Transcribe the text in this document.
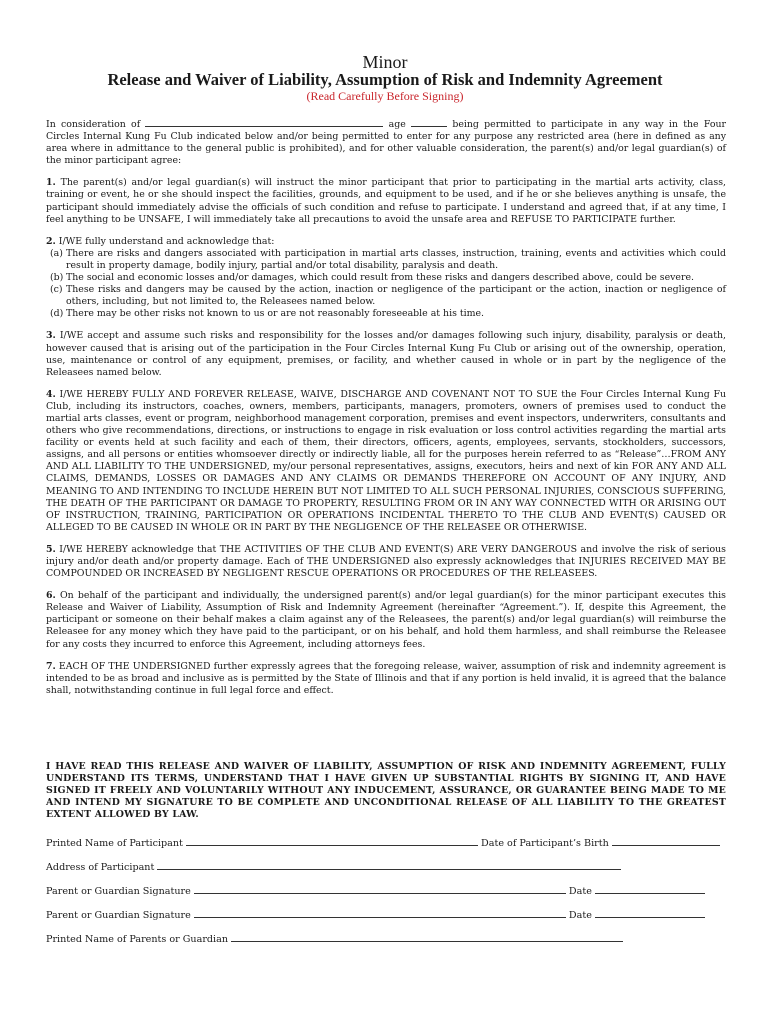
Minor
Release and Waiver of Liability, Assumption of Risk and Indemnity Agreement
(Read Carefully Before Signing)

In consideration of	age	being permitted to participate in any way in the Four Circles Internal Kung Fu Club indicated below and/or being permitted to enter for any purpose any restricted area (here in defined as any area where in admittance to the general public is prohibited), and for other valuable consideration, the parent(s) and/or legal guardian(s) of the minor participant agree:

1. The parent(s) and/or legal guardian(s) will instruct the minor participant that prior to participating in the martial arts activity, class, training or event, he or she should inspect the facilities, grounds, and equipment to be used, and if he or she believes anything is unsafe, the participant should immediately advise the officials of such condition and refuse to participate. I understand and agreed that, if at any time, I feel anything to be UNSAFE, I will immediately take all precautions to avoid the unsafe area and REFUSE TO PARTICIPATE further.

2. I/WE fully understand and acknowledge that:
(a) There are risks and dangers associated with participation in martial arts classes, instruction, training, events and activities which could result in property damage, bodily injury, partial and/or total disability, paralysis and death.
(b) The social and economic losses and/or damages, which could result from these risks and dangers described above, could be severe.
(c) These risks and dangers may be caused by the action, inaction or negligence of the participant or the action, inaction or negligence of others, including, but not limited to, the Releasees named below.
(d) There may be other risks not known to us or are not reasonably foreseeable at his time.

3. I/WE accept and assume such risks and responsibility for the losses and/or damages following such injury, disability, paralysis or death, however caused that is arising out of the participation in the Four Circles Internal Kung Fu Club or arising out of the ownership, operation, use, maintenance or control of any equipment, premises, or facility, and whether caused in whole or in part by the negligence of the Releasees named below.

4. I/WE HEREBY FULLY AND FOREVER RELEASE, WAIVE, DISCHARGE AND COVENANT NOT TO SUE the Four Circles Internal Kung Fu Club, including its instructors, coaches, owners, members, participants, managers, promoters, owners of premises used to conduct the martial arts classes, event or program, neighborhood management corporation, premises and event inspectors, underwriters, consultants and others who give recommendations, directions, or instructions to engage in risk evaluation or loss control activities regarding the martial arts facility or events held at such facility and each of them, their directors, officers, agents, employees, servants, stockholders, successors, assigns, and all persons or entities whomsoever directly or indirectly liable, all for the purposes herein referred to as “Release”…FROM ANY AND ALL LIABILITY TO THE UNDERSIGNED, my/our personal representatives, assigns, executors, heirs and next of kin FOR ANY AND ALL CLAIMS, DEMANDS, LOSSES OR DAMAGES AND ANY CLAIMS OR DEMANDS THEREFORE ON ACCOUNT OF ANY INJURY, AND MEANING TO AND INTENDING TO INCLUDE HEREIN BUT NOT LIMITED TO ALL SUCH PERSONAL INJURIES, CONSCIOUS SUFFERING, THE DEATH OF THE PARTICIPANT OR DAMAGE TO PROPERTY, RESULTING FROM OR IN ANY WAY CONNECTED WITH OR ARISING OUT OF INSTRUCTION, TRAINING, PARTICIPATION OR OPERATIONS INCIDENTAL THERETO TO THE CLUB AND EVENT(S) CAUSED OR ALLEGED TO BE CAUSED IN WHOLE OR IN PART BY THE NEGLIGENCE OF THE RELEASEE OR OTHERWISE.

5. I/WE HEREBY acknowledge that THE ACTIVITIES OF THE CLUB AND EVENT(S) ARE VERY DANGEROUS and involve the risk of serious injury and/or death and/or property damage. Each of THE UNDERSIGNED also expressly acknowledges that INJURIES RECEIVED MAY BE COMPOUNDED OR INCREASED BY NEGLIGENT RESCUE OPERATIONS OR PROCEDURES OF THE RELEASEES.

6. On behalf of the participant and individually, the undersigned parent(s) and/or legal guardian(s) for the minor participant executes this Release and Waiver of Liability, Assumption of Risk and Indemnity Agreement (hereinafter “Agreement.”). If, despite this Agreement, the participant or someone on their behalf makes a claim against any of the Releasees, the parent(s) and/or legal guardian(s) will reimburse the Releasee for any money which they have paid to the participant, or on his behalf, and hold them harmless, and shall reimburse the Releasee for any costs they incurred to enforce this Agreement, including attorneys fees.

7. EACH OF THE UNDERSIGNED further expressly agrees that the foregoing release, waiver, assumption of risk and indemnity agreement is intended to be as broad and inclusive as is permitted by the State of Illinois and that if any portion is held invalid, it is agreed that the balance shall, notwithstanding continue in full legal force and effect.

I HAVE READ THIS RELEASE AND WAIVER OF LIABILITY, ASSUMPTION OF RISK AND INDEMNITY AGREEMENT, FULLY UNDERSTAND ITS TERMS, UNDERSTAND THAT I HAVE GIVEN UP SUBSTANTIAL RIGHTS BY SIGNING IT, AND HAVE SIGNED IT FREELY AND VOLUNTARILY WITHOUT ANY INDUCEMENT, ASSURANCE, OR GUARANTEE BEING MADE TO ME AND INTEND MY SIGNATURE TO BE COMPLETE AND UNCONDITIONAL RELEASE OF ALL LIABILITY TO THE GREATEST EXTENT ALLOWED BY LAW.
Printed Name of Participant	Date of Participant’s Birth
Address of Participant
Parent or Guardian Signature	Date
Parent or Guardian Signature	Date
Printed Name of Parents or Guardian
